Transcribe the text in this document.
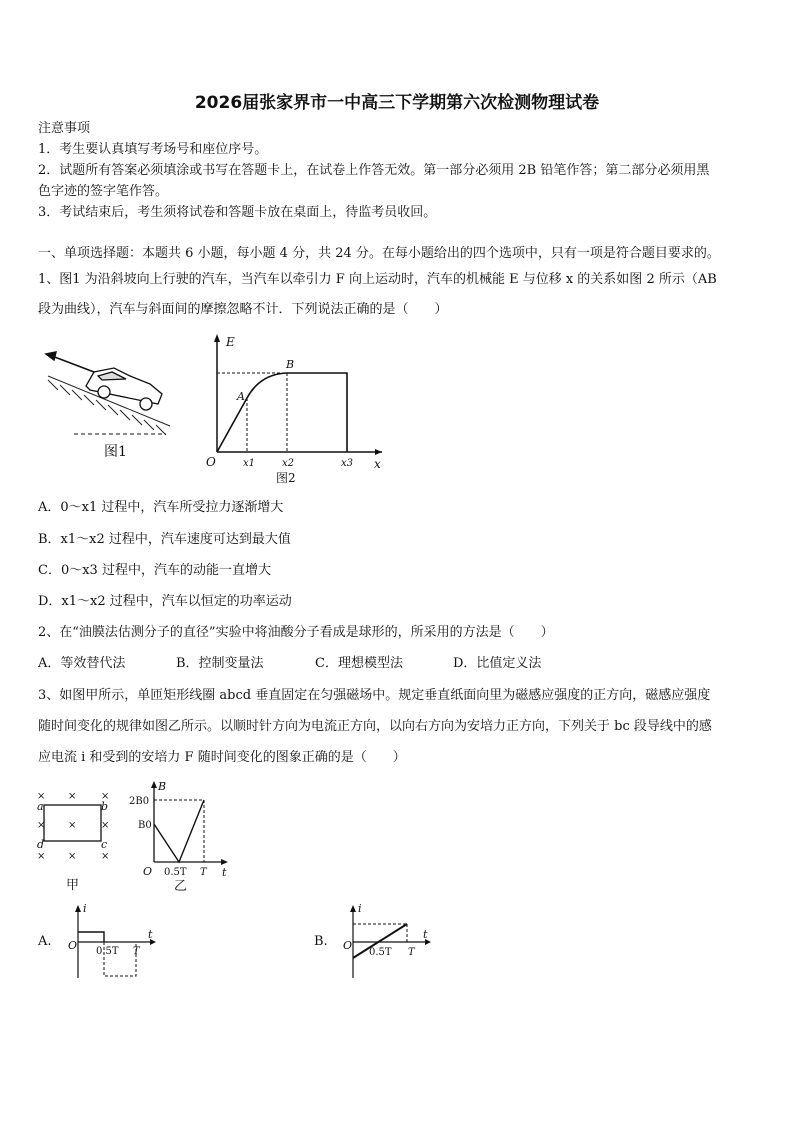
2026届张家界市一中高三下学期第六次检测物理试卷
注意事项
1．考生要认真填写考场号和座位序号。
2．试题所有答案必须填涂或书写在答题卡上，在试卷上作答无效。第一部分必须用 2B 铅笔作答；第二部分必须用黑
色字迹的签字笔作答。
3．考试结束后，考生须将试卷和答题卡放在桌面上，待监考员收回。
一、单项选择题：本题共 6 小题，每小题 4 分，共 24 分。在每小题给出的四个选项中，只有一项是符合题目要求的。
1、图1 为沿斜坡向上行驶的汽车，当汽车以牵引力 F 向上运动时，汽车的机械能 E 与位移 x 的关系如图 2 所示（AB
段为曲线），汽车与斜面间的摩擦忽略不计．下列说法正确的是（　　）
图1
E
x
O
A
B
x1	x2	x3
图2
A．0～x1 过程中，汽车所受拉力逐渐增大
B．x1～x2 过程中，汽车速度可达到最大值
C．0～x3 过程中，汽车的动能一直增大
D．x1～x2 过程中，汽车以恒定的功率运动
2、在“油膜法估测分子的直径”实验中将油酸分子看成是球形的，所采用的方法是（　　）
A．等效替代法	B．控制变量法	C．理想模型法	D．比值定义法
3、如图甲所示，单匝矩形线圈 abcd 垂直固定在匀强磁场中。规定垂直纸面向里为磁感应强度的正方向，磁感应强度
随时间变化的规律如图乙所示。以顺时针方向为电流正方向，以向右方向为安培力正方向，下列关于 bc 段导线中的感
应电流 i 和受到的安培力 F 随时间变化的图象正确的是（　　）
× × ×
× × ×
× × ×
a	b
c
d
甲
B
t
O
2B0
B0
0.5T T
乙
A.
i
t
O 0.5T T
B.
i
t
O
0.5T T
